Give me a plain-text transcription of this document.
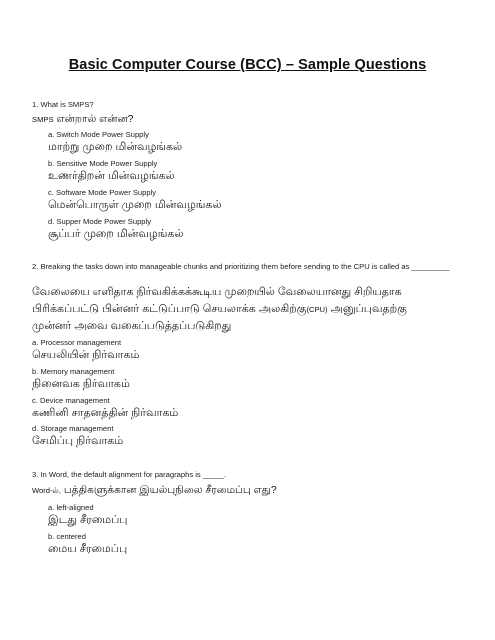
Basic Computer Course (BCC) – Sample Questions
1. What is SMPS?
SMPS என்றால் என்ன?
a. Switch Mode Power Supply
மாற்று முறை மின்வழங்கல்
b. Sensitive Mode Power Supply
உணர்திறன் மின்வழங்கல்
c. Software Mode Power Supply
மென்பொருள் முறை மின்வழங்கல்
d. Supper Mode Power Supply
சூப்பர் முறை மின்வழங்கல்
2. Breaking the tasks down into manageable chunks and prioritizing them before sending to the CPU is called as _________
வேலையை எளிதாக நிர்வகிக்கக்கூடிய முறையில் வேலையானது சிறியதாக
பிரிக்கப்பட்டு பின்னர் கட்டுப்பாடு செயலாக்க அலகிற்கு(CPU) அனுப்புவதற்கு
முன்னர் அவை வகைப்படுத்தப்படுகிறது
a. Processor management
செயலியின் நிர்வாகம்
b. Memory management
நினைவக நிர்வாகம்
c. Device management
கணினி சாதனத்தின் நிர்வாகம்
d. Storage management
சேமிப்பு நிர்வாகம்
3. In Word, the default alignment for paragraphs is _____.
Word-ல், பத்திகளுக்கான இயல்புநிலை சீரமைப்பு எது?
a. left-aligned
இடது சீரமைப்பு
b. centered
மைய சீரமைப்பு
